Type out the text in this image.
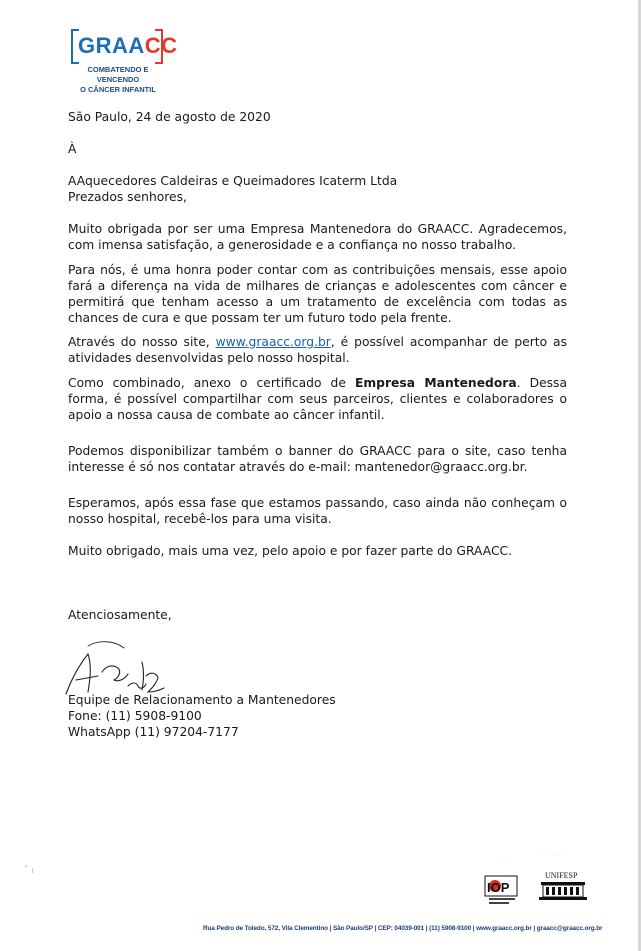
GRAACC
COMBATENDO E VENCENDO
O CÂNCER INFANTIL
São Paulo, 24 de agosto de 2020
À
AAquecedores Caldeiras e Queimadores Icaterm Ltda
Prezados senhores,
Muito obrigada por ser uma Empresa Mantenedora do GRAACC. Agradecemos, com imensa satisfação, a generosidade e a confiança no nosso trabalho.
Para nós, é uma honra poder contar com as contribuições mensais, esse apoio fará a diferença na vida de milhares de crianças e adolescentes com câncer e permitirá que tenham acesso a um tratamento de excelência com todas as chances de cura e que possam ter um futuro todo pela frente.
Através do nosso site, www.graacc.org.br, é possível acompanhar de perto as atividades desenvolvidas pelo nosso hospital.
Como combinado, anexo o certificado de Empresa Mantenedora. Dessa forma, é possível compartilhar com seus parceiros, clientes e colaboradores o apoio a nossa causa de combate ao câncer infantil.
Podemos disponibilizar também o banner do GRAACC para o site, caso tenha interesse é só nos contatar através do e-mail: mantenedor@graacc.org.br.
Esperamos, após essa fase que estamos passando, caso ainda não conheçam o nosso hospital, recebê-los para uma visita.
Muito obrigado, mais uma vez, pelo apoio e por fazer parte do GRAACC.
Atenciosamente,
Equipe de Relacionamento a Mantenedores
Fone: (11) 5908-9100
WhatsApp (11) 97204-7177
˚ ı
· · ·	· · · · · · ·
IOP
UNIFESP
Rua Pedro de Toledo, 572, Vila Clementino | São Paulo/SP | CEP: 04039-001 | (11) 5908-9100 | www.graacc.org.br | graacc@graacc.org.br
